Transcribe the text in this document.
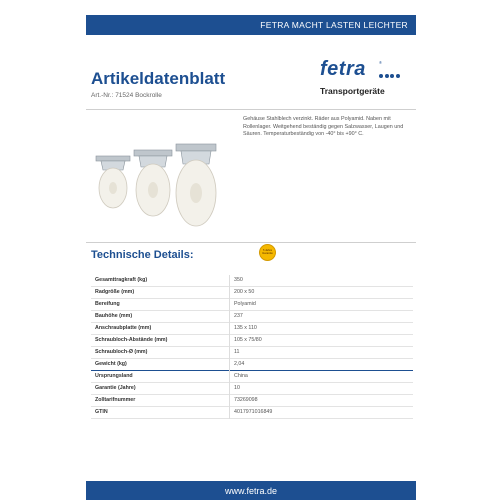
FETRA MACHT LASTEN LEICHTER
Artikeldatenblatt
Art.-Nr.: 71524 Bockrolle
fetra	®
Transportgeräte
Gehäuse Stahlblech verzinkt. Räder aus Polyamid. Naben mit Rollenlager. Weitgehend beständig gegen Salzwasser, Laugen und Säuren. Temperaturbeständig von -40° bis +90° C.
Technische Details:	5 Jahre Garantie
Gesamttragkraft (kg)	350
Radgröße (mm)	200 x 50
Bereifung	Polyamid
Bauhöhe (mm)	237
Anschraubplatte (mm)	135 x 110
Schraubloch-Abstände (mm)	105 x 75/80
Schraubloch-Ø (mm)	11
Gewicht (kg)	2,04
Ursprungsland	China
Garantie (Jahre)	10
Zolltarifnummer	73269098
GTIN	4017971016849
www.fetra.de
